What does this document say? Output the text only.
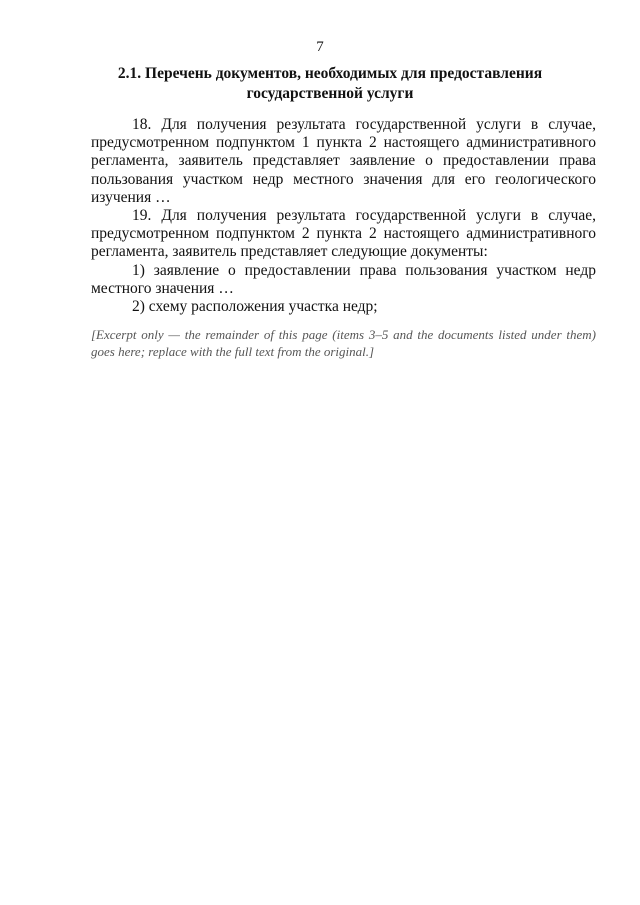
7
2.1. Перечень документов, необходимых для предоставления государственной услуги

18. Для получения результата государственной услуги в случае, предусмотренном подпунктом 1 пункта 2 настоящего административного регламента, заявитель представляет заявление о предоставлении права пользования участком недр местного значения для его геологического изучения …

19. Для получения результата государственной услуги в случае, предусмотренном подпунктом 2 пункта 2 настоящего административного регламента, заявитель представляет следующие документы:

1) заявление о предоставлении права пользования участком недр местного значения …

2) схему расположения участка недр;

[Excerpt only — the remainder of this page (items 3–5 and the documents listed under them) goes here; replace with the full text from the original.]
